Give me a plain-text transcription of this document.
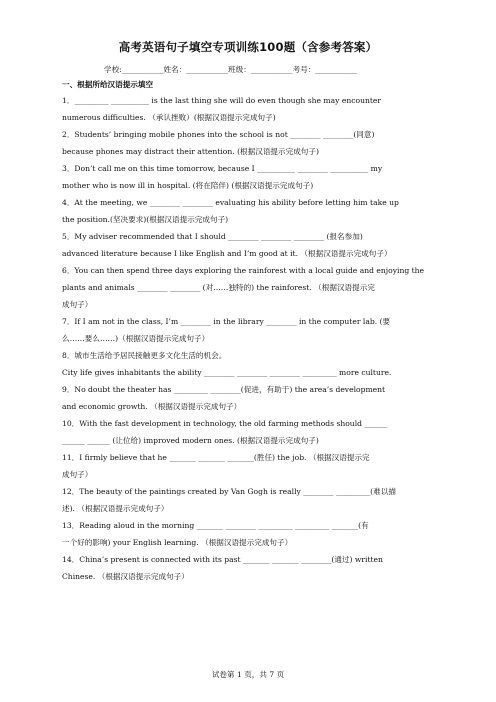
高考英语句子填空专项训练100题（含参考答案）
学校:___________姓名：___________班级：___________考号：___________
一、根据所给汉语提示填空
1．_________ __________ is the last thing she will do even though she may encounter
numerous difficulties. （承认挫败）(根据汉语提示完成句子)
2．Students’ bringing mobile phones into the school is not ________ ________(同意)
because phones may distract their attention. (根据汉语提示完成句子)
3．Don’t call me on this time tomorrow, because I __________ ________ __________ my
mother who is now ill in hospital. (将在陪伴) (根据汉语提示完成句子)
4．At the meeting, we ________ ________ evaluating his ability before letting him take up
the position.(坚决要求)(根据汉语提示完成句子)
5．My adviser recommended that I should ________ ________ ________ (报名参加)
advanced literature because I like English and I’m good at it. （根据汉语提示完成句子）
6．You can then spend three days exploring the rainforest with a local guide and enjoying the
plants and animals ________ ________ (对……独特的) the rainforest. （根据汉语提示完
成句子）
7．If I am not in the class, I’m ________ in the library ________ in the computer lab. (要
么……要么……)（根据汉语提示完成句子）
8．城市生活给予居民接触更多文化生活的机会。
City life gives inhabitants the ability ________ ________ ________ _________ more culture.
9．No doubt the theater has _________ ________(促进，有助于) the area’s development
and economic growth. （根据汉语提示完成句子）
10．With the fast development in technology, the old farming methods should ______
______ ______ (让位给) improved modern ones. (根据汉语提示完成句子)
11．I firmly believe that he _______ _______ _______(胜任) the job. （根据汉语提示完
成句子）
12．The beauty of the paintings created by Van Gogh is really ________ _________(难以描
述). （根据汉语提示完成句子）
13．Reading aloud in the morning _______ ________ _________ _________ _______(有
一个好的影响) your English learning. （根据汉语提示完成句子）
14．China’s present is connected with its past _______ _______ ________(通过) written
Chinese. （根据汉语提示完成句子）
试卷第 1 页，共 7 页
